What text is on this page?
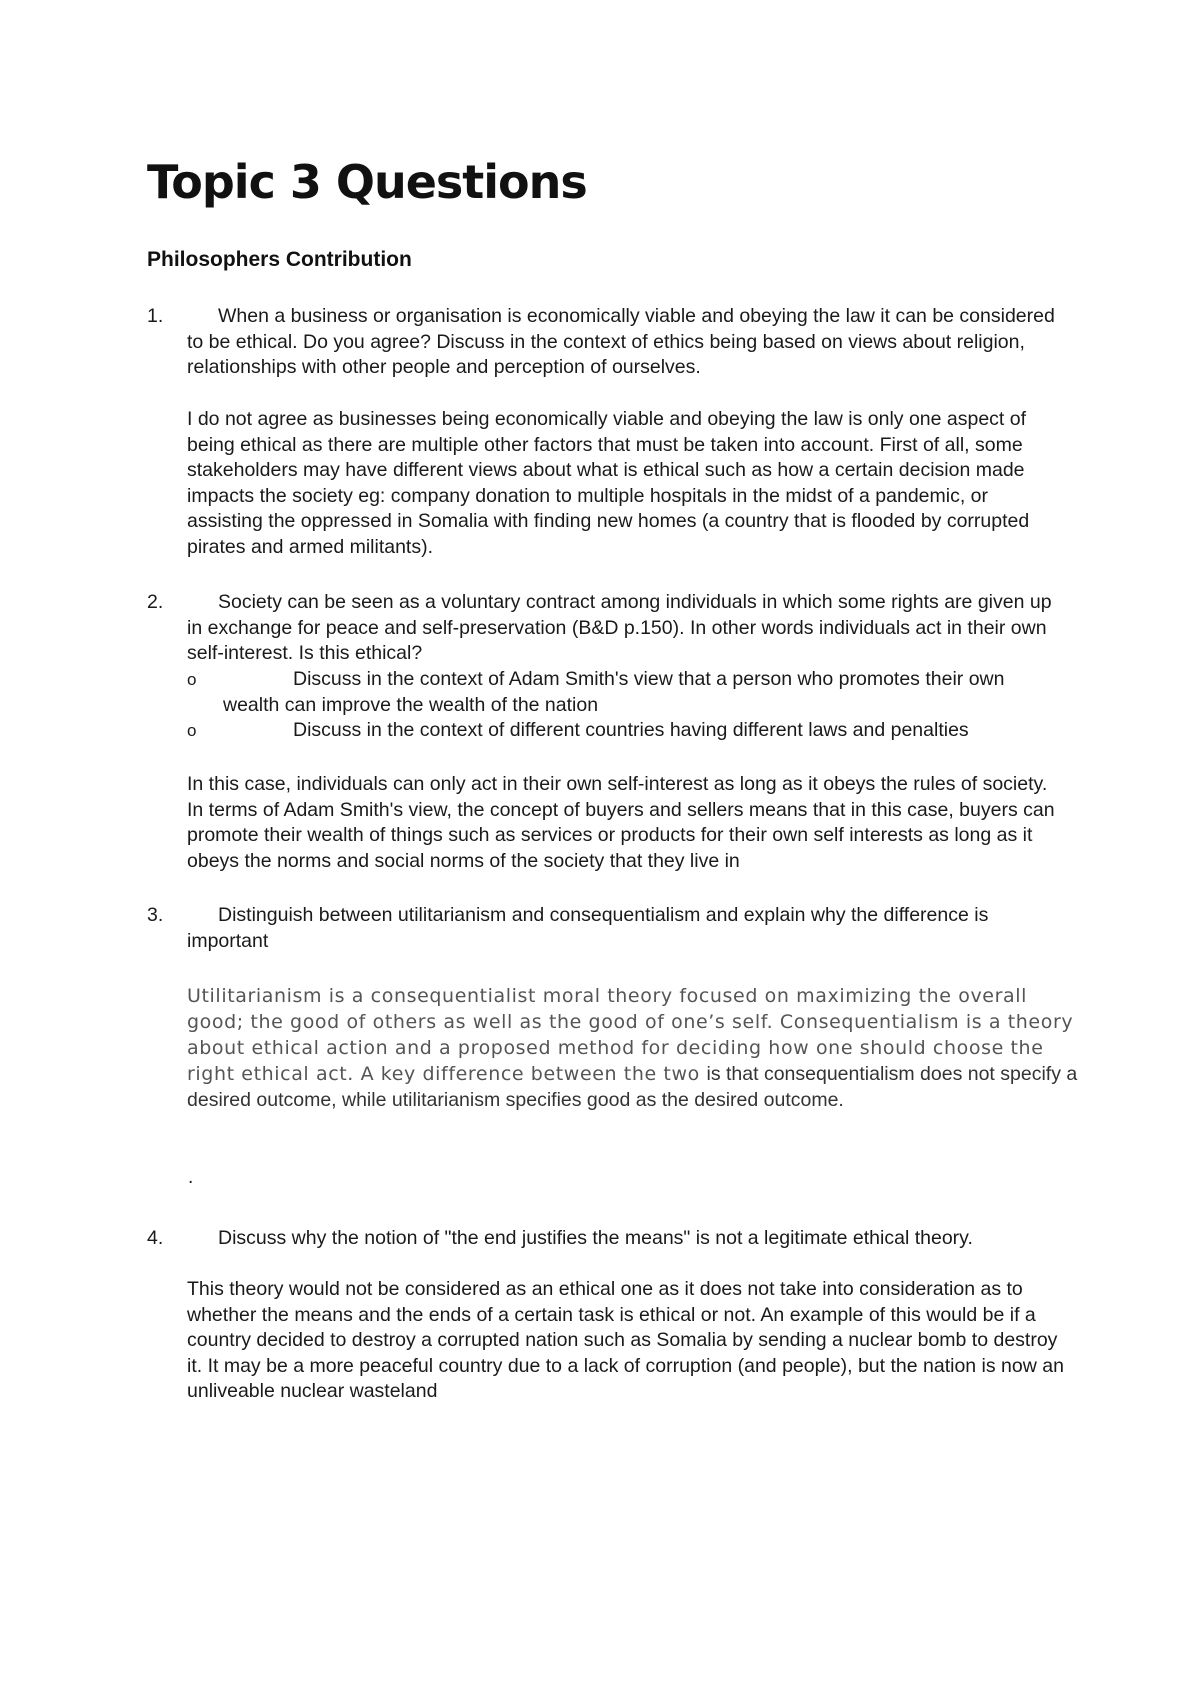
Topic 3 Questions
Philosophers Contribution
1.	When a business or organisation is economically viable and obeying the law it can be considered to be ethical. Do you agree? Discuss in the context of ethics being based on views about religion, relationships with other people and perception of ourselves.
I do not agree as businesses being economically viable and obeying the law is only one aspect of being ethical as there are multiple other factors that must be taken into account. First of all, some stakeholders may have different views about what is ethical such as how a certain decision made impacts the society eg: company donation to multiple hospitals in the midst of a pandemic, or assisting the oppressed in Somalia with finding new homes (a country that is flooded by corrupted pirates and armed militants).
2.	Society can be seen as a voluntary contract among individuals in which some rights are given up in exchange for peace and self-preservation (B&D p.150). In other words individuals act in their own self-interest. Is this ethical?
o	Discuss in the context of Adam Smith's view that a person who promotes their own wealth can improve the wealth of the nation
o	Discuss in the context of different countries having different laws and penalties
In this case, individuals can only act in their own self-interest as long as it obeys the rules of society. In terms of Adam Smith's view, the concept of buyers and sellers means that in this case, buyers can promote their wealth of things such as services or products for their own self interests as long as it obeys the norms and social norms of the society that they live in
3.	Distinguish between utilitarianism and consequentialism and explain why the difference is important
Utilitarianism is a consequentialist moral theory focused on maximizing the overall good; the good of others as well as the good of one’s self. Consequentialism is a theory about ethical action and a proposed method for deciding how one should choose the right ethical act. A key difference between the two is that consequentialism does not specify a desired outcome, while utilitarianism specifies good as the desired outcome.
.
4.	Discuss why the notion of "the end justifies the means" is not a legitimate ethical theory.
This theory would not be considered as an ethical one as it does not take into consideration as to whether the means and the ends of a certain task is ethical or not. An example of this would be if a country decided to destroy a corrupted nation such as Somalia by sending a nuclear bomb to destroy it. It may be a more peaceful country due to a lack of corruption (and people), but the nation is now an unliveable nuclear wasteland
